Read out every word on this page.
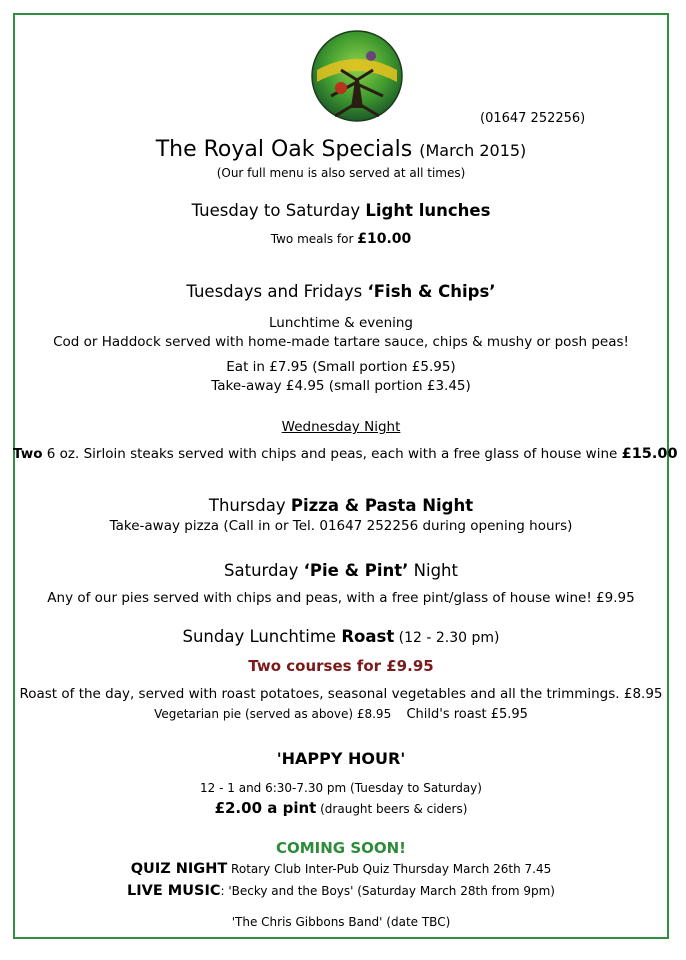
(01647 252256)
The Royal Oak Specials (March 2015)
(Our full menu is also served at all times)
Tuesday to Saturday Light lunches
Two meals for £10.00
Tuesdays and Fridays ‘Fish & Chips’
Lunchtime & evening
Cod or Haddock served with home-made tartare sauce, chips & mushy or posh peas!
Eat in £7.95 (Small portion £5.95)
Take-away £4.95 (small portion £3.45)
Wednesday Night
Two 6 oz. Sirloin steaks served with chips and peas, each with a free glass of house wine £15.00
Thursday Pizza & Pasta Night
Take-away pizza (Call in or Tel. 01647 252256 during opening hours)
Saturday ‘Pie & Pint’ Night
Any of our pies served with chips and peas, with a free pint/glass of house wine! £9.95
Sunday Lunchtime Roast (12 - 2.30 pm)
Two courses for £9.95
Roast of the day, served with roast potatoes, seasonal vegetables and all the trimmings. £8.95
Vegetarian pie (served as above) £8.95 Child's roast £5.95
'HAPPY HOUR'
12 - 1 and 6:30-7.30 pm (Tuesday to Saturday)
£2.00 a pint (draught beers & ciders)
COMING SOON!
QUIZ NIGHT Rotary Club Inter-Pub Quiz Thursday March 26th 7.45
LIVE MUSIC: 'Becky and the Boys' (Saturday March 28th from 9pm)
'The Chris Gibbons Band' (date TBC)
